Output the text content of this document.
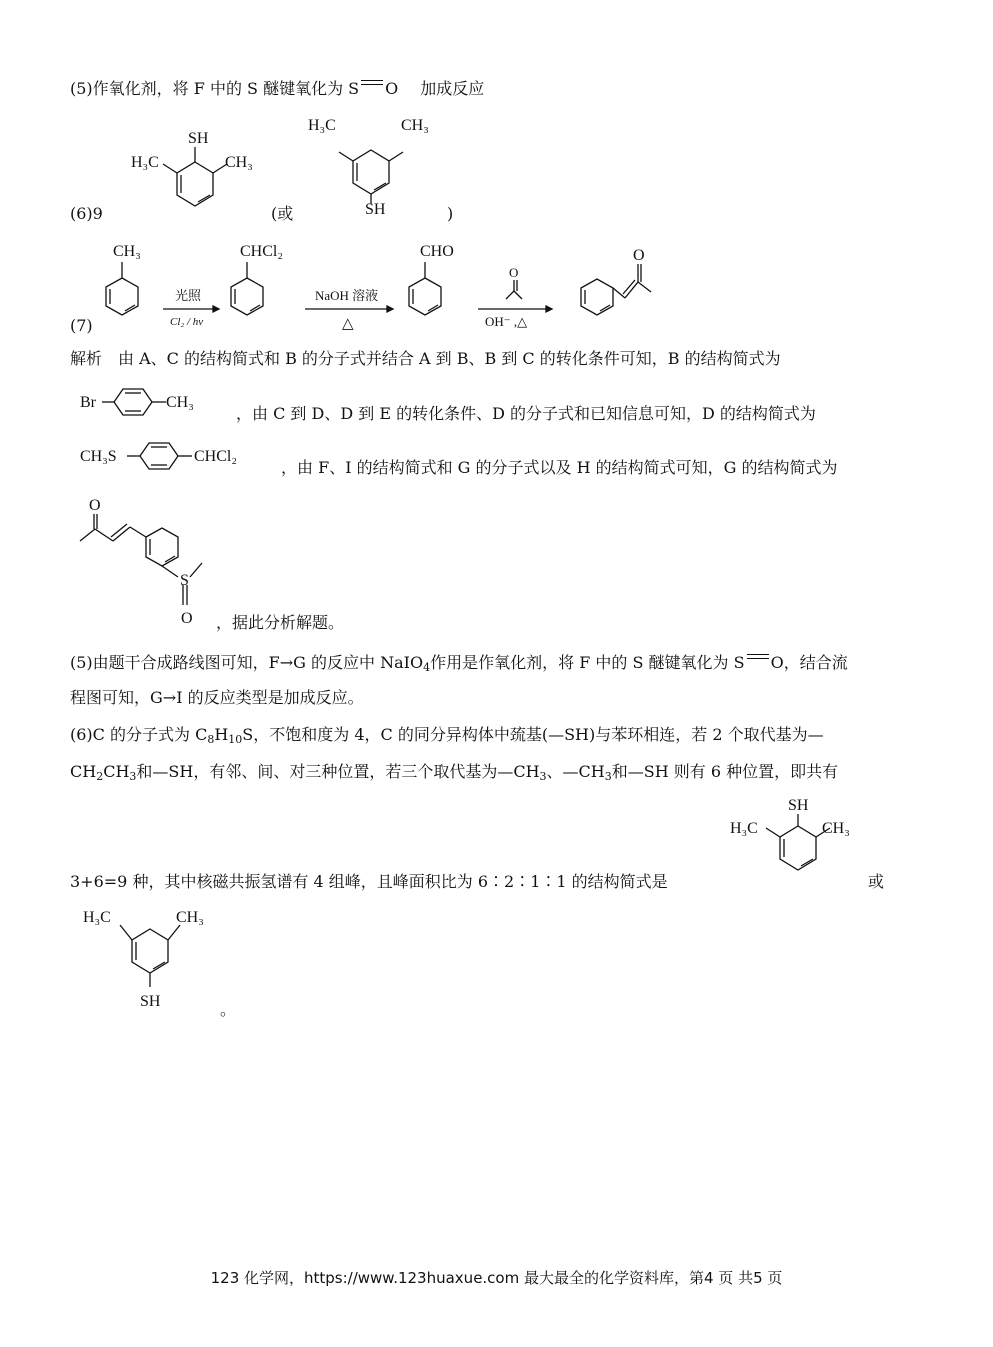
(5)作氧化剂，将 F 中的 S 醚键氧化为 S O 加成反应
(6)9
SH
H₃C	CH₃
(或
H₃C	CH₃
SH	)
(7)
CH₃
光照
Cl₂ / hν
CHCl₂
NaOH 溶液
△
CHO
O
OH⁻ ,△
O
解析 由 A、C 的结构简式和 B 的分子式并结合 A 到 B、B 到 C 的转化条件可知，B 的结构简式为
Br	CH₃
，由 C 到 D、D 到 E 的转化条件、D 的分子式和已知信息可知，D 的结构简式为
CH₃S	CHCl₂
，由 F、I 的结构简式和 G 的分子式以及 H 的结构简式可知，G 的结构简式为
O
S
O ，据此分析解题。
(5)由题干合成路线图可知，F→G 的反应中 NaIO$_4$作用是作氧化剂，将 F 中的 S 醚键氧化为 S O，结合流
程图可知，G→I 的反应类型是加成反应。
(6)C 的分子式为 $C_8H_{10}S$，不饱和度为 4，C 的同分异构体中巯基(—SH)与苯环相连，若 2 个取代基为—
$CH_2CH_3$和—SH，有邻、间、对三种位置，若三个取代基为$—CH_3$、$—CH_3$和—SH 则有 6 种位置，即共有
SH
H₃C	CH₃
3+6=9 种，其中核磁共振氢谱有 4 组峰，且峰面积比为 6∶2∶1∶1 的结构简式是	或
H₃C	CH₃
SH	。
123 化学网，https://www.123huaxue.com 最大最全的化学资料库，第4 页 共5 页
